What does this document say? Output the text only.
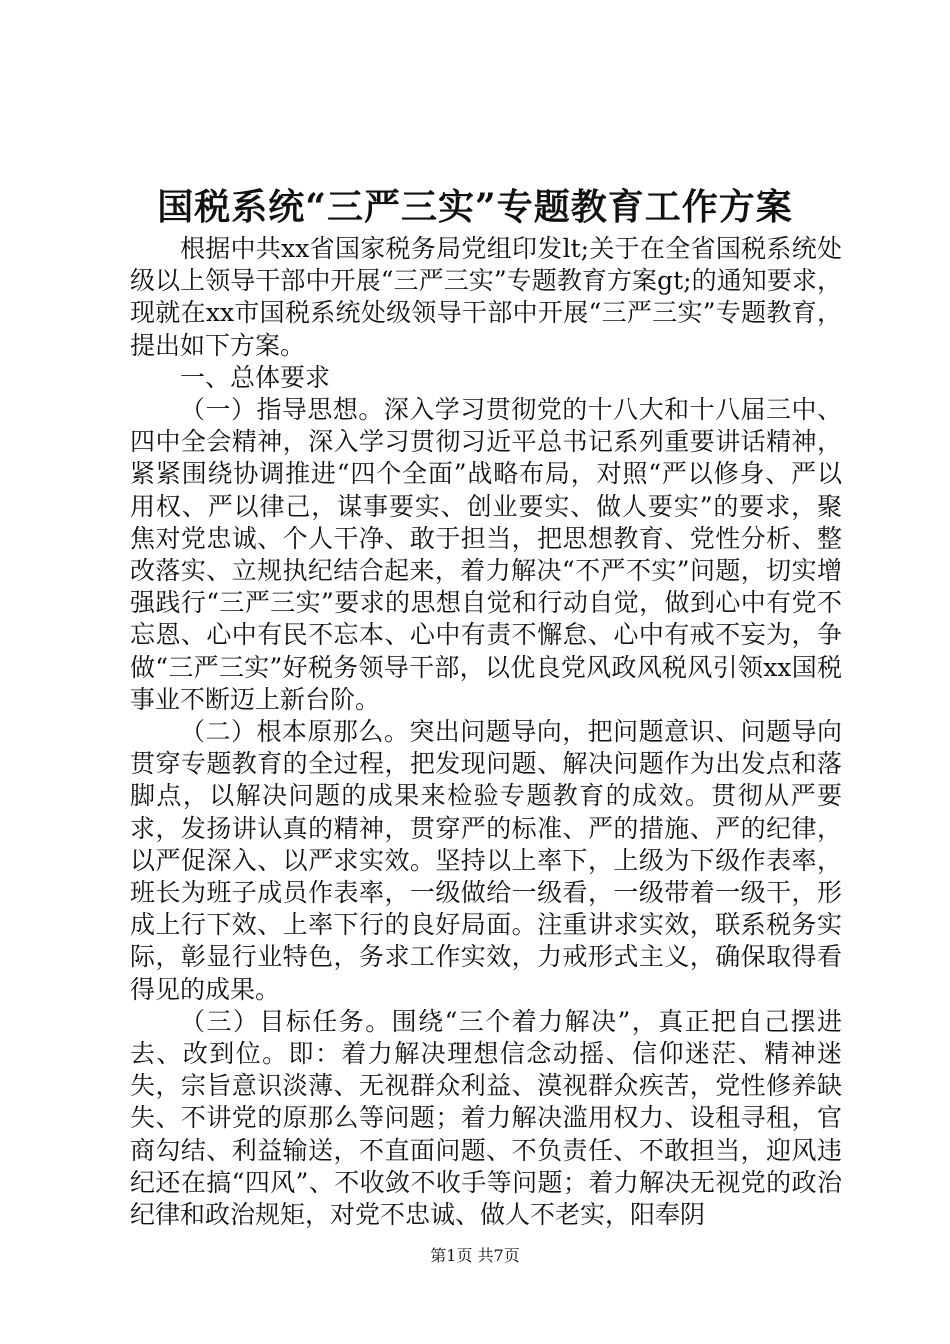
国税系统“三严三实”专题教育工作方案

根据中共xx省国家税务局党组印发lt;关于在全省国税系统处级以上领导干部中开展“三严三实”专题教育方案gt;的通知要求，现就在xx市国税系统处级领导干部中开展“三严三实”专题教育，提出如下方案。

一、总体要求

（一）指导思想。深入学习贯彻党的十八大和十八届三中、四中全会精神，深入学习贯彻习近平总书记系列重要讲话精神，紧紧围绕协调推进“四个全面”战略布局，对照“严以修身、严以用权、严以律己，谋事要实、创业要实、做人要实”的要求，聚焦对党忠诚、个人干净、敢于担当，把思想教育、党性分析、整改落实、立规执纪结合起来，着力解决“不严不实”问题，切实增强践行“三严三实”要求的思想自觉和行动自觉，做到心中有党不忘恩、心中有民不忘本、心中有责不懈怠、心中有戒不妄为，争做“三严三实”好税务领导干部，以优良党风政风税风引领xx国税事业不断迈上新台阶。

（二）根本原那么。突出问题导向，把问题意识、问题导向贯穿专题教育的全过程，把发现问题、解决问题作为出发点和落脚点，以解决问题的成果来检验专题教育的成效。贯彻从严要求，发扬讲认真的精神，贯穿严的标准、严的措施、严的纪律，以严促深入、以严求实效。坚持以上率下，上级为下级作表率，班长为班子成员作表率，一级做给一级看，一级带着一级干，形成上行下效、上率下行的良好局面。注重讲求实效，联系税务实际，彰显行业特色，务求工作实效，力戒形式主义，确保取得看得见的成果。

（三）目标任务。围绕“三个着力解决”，真正把自己摆进去、改到位。即：着力解决理想信念动摇、信仰迷茫、精神迷失，宗旨意识淡薄、无视群众利益、漠视群众疾苦，党性修养缺失、不讲党的原那么等问题；着力解决滥用权力、设租寻租，官商勾结、利益输送，不直面问题、不负责任、不敢担当，迎风违纪还在搞“四风”、不收敛不收手等问题；着力解决无视党的政治纪律和政治规矩，对党不忠诚、做人不老实，阳奉阴

第1页 共7页
